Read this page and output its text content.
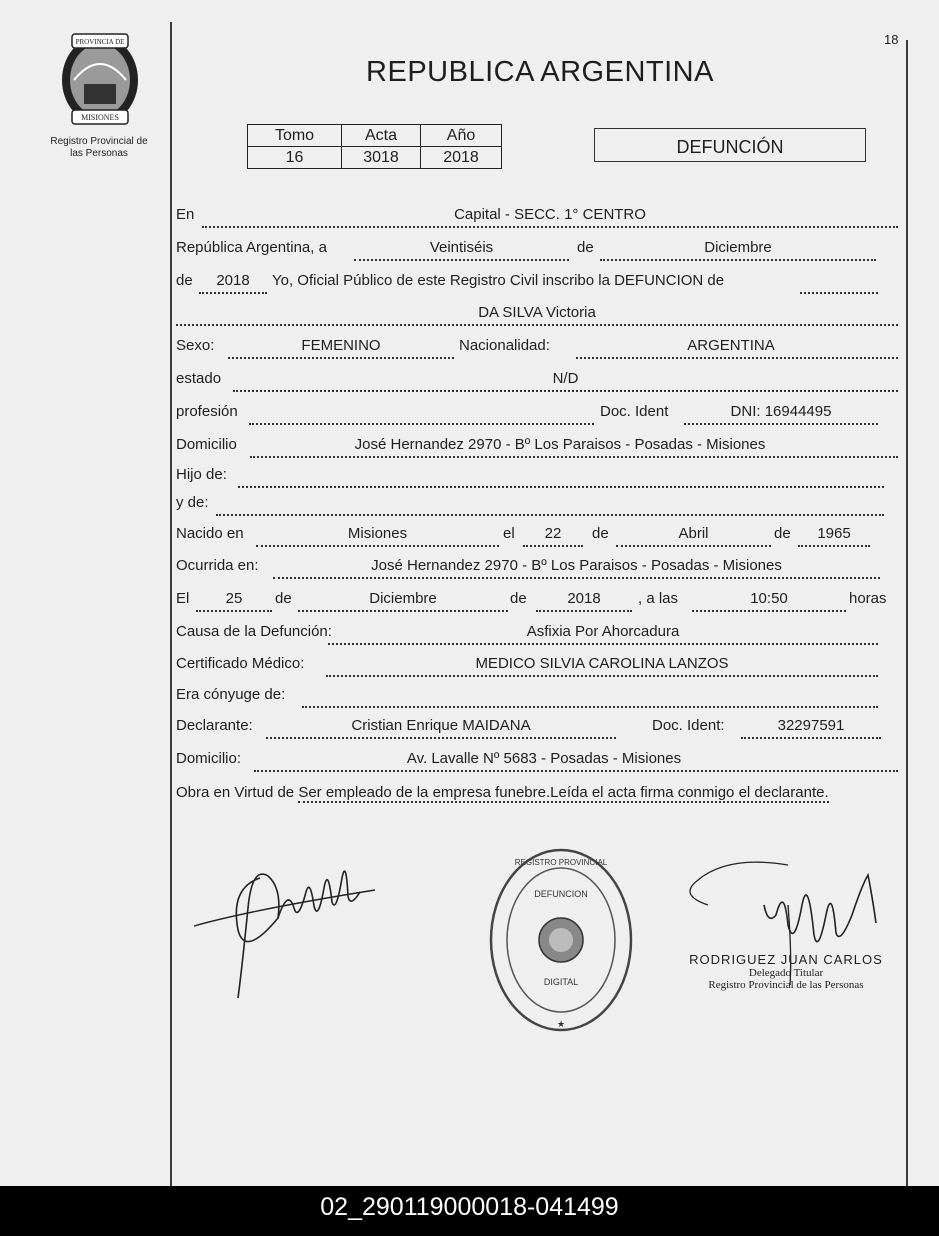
PROVINCIA DE
MISIONES
Registro Provincial de
las Personas
18
REPUBLICA ARGENTINA
Tomo	Acta	Año
16	3018	2018	DEFUNCIÓN
En	Capital - SECC. 1° CENTRO
República Argentina, a	Veintiséis	de	Diciembre
de	2018	Yo, Oficial Público de este Registro Civil inscribo la DEFUNCION de
DA SILVA Victoria
Sexo:	FEMENINO	Nacionalidad:	ARGENTINA
estado	N/D
profesión	Doc. Ident	DNI: 16944495
Domicilio	José Hernandez 2970 - Bº Los Paraisos - Posadas - Misiones
Hijo de:
y de:
Nacido en	Misiones	el	22	de	Abril	de	1965
Ocurrida en:	José Hernandez 2970 - Bº Los Paraisos - Posadas - Misiones
El	25	de	Diciembre	de	2018	, a las	10:50	horas
Causa de la Defunción:	Asfixia Por Ahorcadura
Certificado Médico:	MEDICO SILVIA CAROLINA LANZOS
Era cónyuge de:
Declarante:	Cristian Enrique MAIDANA	Doc. Ident:	32297591
Domicilio:	Av. Lavalle Nº 5683 - Posadas - Misiones
Obra en Virtud de Ser empleado de la empresa funebre.Leída el acta firma conmigo el declarante.
REGISTRO PROVINCIAL
DEFUNCION
DIGITAL
★
RODRIGUEZ JUAN CARLOS
Delegado Titular
Registro Provincial de las Personas
02_290119000018-041499
